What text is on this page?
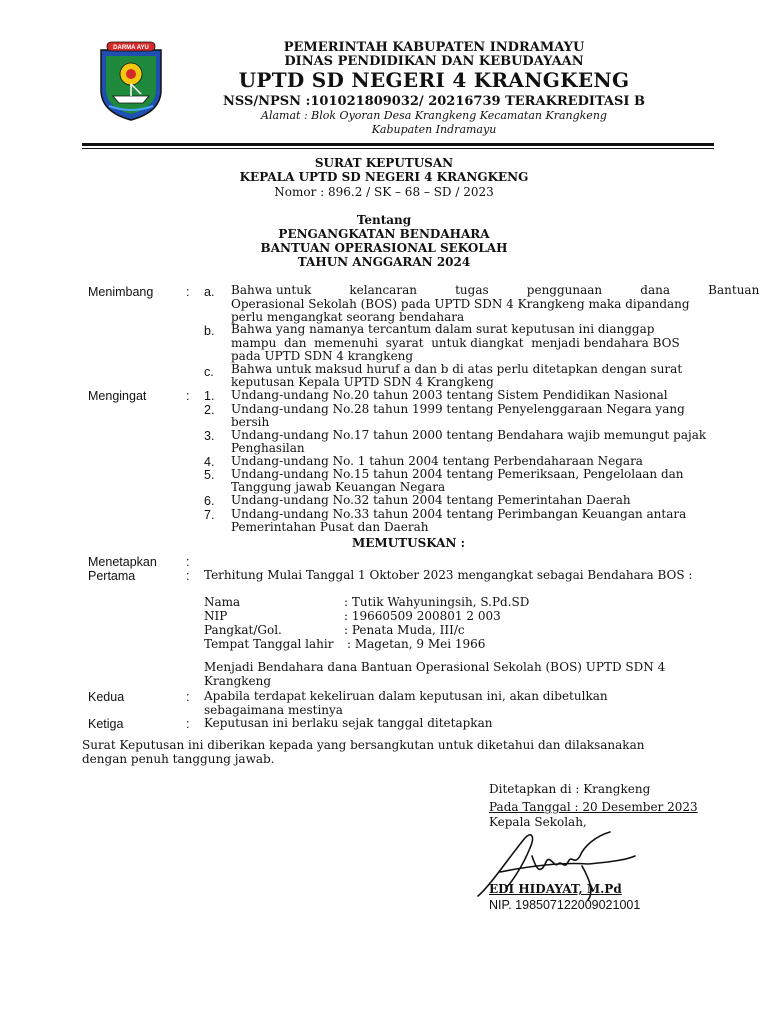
DARMA AYU	PEMERINTAH KABUPATEN INDRAMAYU
DINAS PENDIDIKAN DAN KEBUDAYAAN
UPTD SD NEGERI 4 KRANGKENG
NSS/NPSN :101021809032/ 20216739 TERAKREDITASI B
Alamat : Blok Oyoran Desa Krangkeng Kecamatan Krangkeng
Kabupaten Indramayu
SURAT KEPUTUSAN
KEPALA UPTD SD NEGERI 4 KRANGKENG
Nomor : 896.2 / SK – 68 – SD / 2023
Tentang
PENGANGKATAN BENDAHARA
BANTUAN OPERASIONAL SEKOLAH
TAHUN ANGGARAN 2024
Menimbang	: a. Bahwa untuk          kelancaran          tugas          penggunaan          dana          Bantuan
Operasional Sekolah (BOS) pada UPTD SDN 4 Krangkeng maka dipandang
perlu mengangkat seorang bendahara
b. Bahwa yang namanya tercantum dalam surat keputusan ini dianggap
mampu  dan  memenuhi  syarat  untuk diangkat  menjadi bendahara BOS
pada UPTD SDN 4 krangkeng
c. Bahwa untuk maksud huruf a dan b di atas perlu ditetapkan dengan surat
keputusan Kepala UPTD SDN 4 Krangkeng
Mengingat	: 1. Undang-undang No.20 tahun 2003 tentang Sistem Pendidikan Nasional
2. Undang-undang No.28 tahun 1999 tentang Penyelenggaraan Negara yang
bersih
3. Undang-undang No.17 tahun 2000 tentang Bendahara wajib memungut pajak
Penghasilan
4. Undang-undang No. 1 tahun 2004 tentang Perbendaharaan Negara
5. Undang-undang No.15 tahun 2004 tentang Pemeriksaan, Pengelolaan dan
Tanggung jawab Keuangan Negara
6. Undang-undang No.32 tahun 2004 tentang Pemerintahan Daerah
7. Undang-undang No.33 tahun 2004 tentang Perimbangan Keuangan antara
Pemerintahan Pusat dan Daerah
MEMUTUSKAN :
Menetapkan :
Pertama	: Terhitung Mulai Tanggal 1 Oktober 2023 mengangkat sebagai Bendahara BOS :
Nama	: Tutik Wahyuningsih, S.Pd.SD
NIP	: 19660509 200801 2 003
Pangkat/Gol.	: Penata Muda, III/c
Tempat Tanggal lahir : Magetan, 9 Mei 1966
Menjadi Bendahara dana Bantuan Operasional Sekolah (BOS) UPTD SDN 4
Krangkeng
Kedua	: Apabila terdapat kekeliruan dalam keputusan ini, akan dibetulkan
sebagaimana mestinya
Ketiga	: Keputusan ini berlaku sejak tanggal ditetapkan
Surat Keputusan ini diberikan kepada yang bersangkutan untuk diketahui dan dilaksanakan
dengan penuh tanggung jawab.
Ditetapkan di : Krangkeng
Pada Tanggal : 20 Desember 2023
Kepala Sekolah,
EDI HIDAYAT, M.Pd
NIP. 198507122009021001
